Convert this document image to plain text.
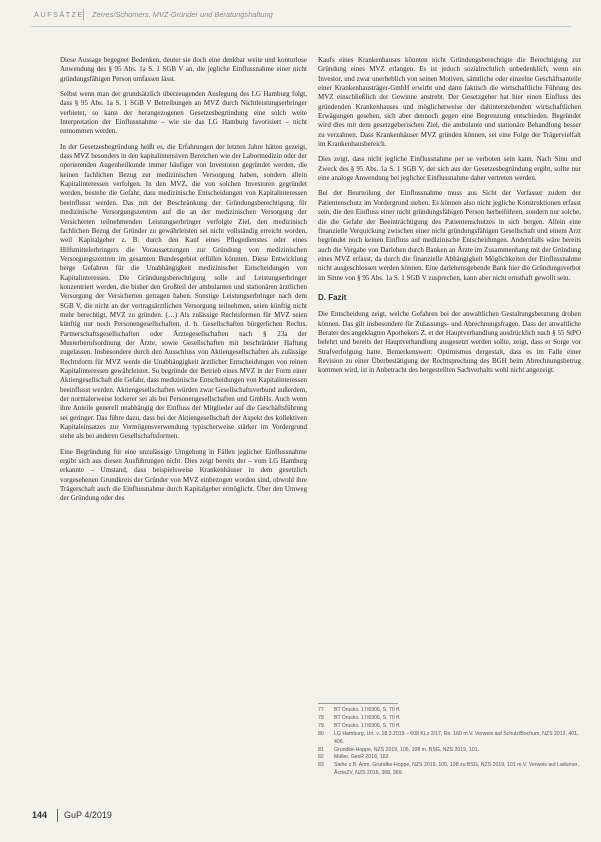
AUFSÄTZE Zerres/Schomers, MVZ-Gründer und Beratungshaftung

Diese Aussage begegnet Bedenken, deuter sie doch eine denkbar weite und konturlose Anwendung des § 95 Abs. 1a S. 1 SGB V an, die jegliche Einflussnahme einer nicht gründungsfähigen Person umfassen lässt.

Selbst wenn man der grundsätzlich überzeugenden Auslegung des LG Hamburg folgt, dass § 95 Abs. 1a S. 1 SGB V Betreibungen an MVZ durch Nichtleistungserbringer verbietet, so kann der herangezogenen Gesetzesbegründung eine solch weite Interpretation der Einflussnahme – wie sie das LG Hamburg favorisiert – nicht entnommen werden.

In der Gesetzesbegründung heißt es, die Erfahrungen der letzten Jahre hätten gezeigt, dass MVZ besonders in den kapitalintensiven Bereichen wie der Labormedizin oder der operierenden Augenheilkunde immer häufiger von Investoren gegründet werden, die keinen fachlichen Bezug zur medizinischen Versorgung haben, sondern allein Kapitalinteressen verfolgen. In den MVZ, die von solchen Investoren gegründet werden, bestehe die Gefahr, dass medizinische Entscheidungen von Kapitalinteressen beeinflusst werden. Das mit der Beschränkung der Gründungsberechtigung für medizinische Versorgungszentren auf die an der medizinischen Versorgung der Versicherten teilnehmenden Leistungserbringer verfolgte Ziel, den medizinisch fachlichen Bezug der Gründer zu gewährleisten sei nicht vollständig erreicht worden, weil Kapitalgeber z. B. durch den Kauf eines Pflegedienstes oder eines Hilfsmittelerbringers die Voraussetzungen zur Gründung von medizinischen Versorgungszentren im gesamten Bundesgebiet erfüllen könnten. Diese Entwicklung berge Gefahren für die Unabhängigkeit medizinischer Entscheidungen von Kapitalinteressen. Die Gründungsberechtigung solle auf Leistungserbringer konzentriert werden, die bisher den Großteil der ambulanten und stationären ärztlichen Versorgung der Versicherten getragen haben. Sonstige Leistungserbringer nach dem SGB V, die nicht an der vertragsärztlichen Versorgung teilnehmen, seien künftig nicht mehr berechtigt, MVZ zu gründen. (…) Als zulässige Rechtsformen für MVZ seien künftig nur noch Personengesellschaften, d. h. Gesellschaften bürgerlichen Rechts, Partnerschaftsgesellschaften oder Ärztegesellschaften nach § 23a der Musterberufsordnung der Ärzte, sowie Gesellschaften mit beschränkter Haftung zugelassen. Insbesondere durch den Ausschluss von Aktiengesellschaften als zulässige Rechtsform für MVZ werde die Unabhängigkeit ärztlicher Entscheidungen von reinen Kapitalinteressen gewährleistet. So begründe der Betrieb eines MVZ in der Form einer Aktiengesellschaft die Gefahr, dass medizinische Entscheidungen von Kapitalinteressen beeinflusst werden. Aktiengesellschaften würden zwar Gesellschaftsverbund außerdem, der normalerweise lockerer sei als bei Personengesellschaften und GmbHs. Auch wenn ihre Anteile generell unabhängig der Einfluss der Mitglieder auf die Geschäftsführung sei geringer. Das führe dazu, dass bei der Aktiengesellschaft der Aspekt des kollektiven Kapitaleinsatzes zur Vermögensverwendung typischerweise stärker im Vordergrund stehe als bei anderen Gesellschaftsformen.

Eine Begründung für eine unzulässige Umgehung in Fällen jeglicher Einflussnahme ergibt sich aus diesen Ausführungen nicht. Dies zeigt bereits der – vom LG Hamburg erkannte – Umstand, dass beispielsweise Krankenhäuser in dem gesetzlich vorgesehenen Grundkreis der Gründer von MVZ einbezogen worden sind, obwohl ihre Trägerschaft auch die Einflussnahme durch Kapitalgeber ermöglicht. Über den Umweg der Gründung oder des

Kaufs eines Krankenhauses könnten nicht Gründungsberechtigte die Berechtigung zur Gründung eines MVZ erlangen. Es ist jedoch sozialrechtlich unbedenklich, wenn ein Investor, und zwar unerheblich von seinen Motiven, sämtliche oder einzelne Geschäftsanteile einer Krankenhausträger-GmbH erwirbt und dann faktisch die wirtschaftliche Führung des MVZ einschließlich der Gewinne anstrebt. Der Gesetzgeber hat hier einen Einfluss des gründenden Krankenhauses und möglicherweise der dahinterstehenden wirtschaftlichen Erwägungen gesehen, sich aber dennoch gegen eine Begrenzung entschieden. Begründet wird dies mit dem gesetzgeberischen Ziel, die ambulante und stationäre Behandlung besser zu verzahnen. Dass Krankenhäuser MVZ gründen können, sei eine Folge der Trägervielfalt im Krankenhausbereich.

Dies zeigt, dass nicht jegliche Einflussnahme per se verboten sein kann. Nach Sinn und Zweck des § 95 Abs. 1a S. 1 SGB V, der sich aus der Gesetzesbegründung ergibt, sollte nur eine analoge Anwendung bei jeglicher Einflussnahme daher vertreten werden.

Bei der Beurteilung der Einflussnahme muss aus Sicht der Verfasser zudem der Patientenschutz im Vordergrund stehen. Es können also nicht jegliche Konstruktionen erfasst sein, die den Einfluss einer nicht gründungsfähigen Person herbeiführen, sondern nur solche, die die Gefahr der Beeinträchtigung des Patientenschutzes in sich bergen. Allein eine finanzielle Verquickung zwischen einer nicht gründungsfähigen Gesellschaft und einem Arzt begründet noch keinen Einfluss auf medizinische Entscheidungen. Andernfalls wäre bereits auch die Vergabe von Darlehen durch Banken an Ärzte im Zusammenhang mit der Gründung eines MVZ erfasst, da durch die finanzielle Abhängigkeit Möglichkeiten der Einflussnahme nicht ausgeschlossen werden können. Eine darlehensgebende Bank hier die Gründungsverbot im Sinne von § 95 Abs. 1a S. 1 SGB V zusprechen, kann aber nicht ernsthaft gewollt sein.

D. Fazit

Die Entscheidung zeigt, welche Gefahren bei der anwaltlichen Gestaltungsberatung drohen können. Das gilt insbesondere für Zulassungs- und Abrechnungsfragen. Dass der anwaltliche Berater des angeklagten Apothekers Z. et der Hauptverhandlung ausdrücklich nach § 55 StPO belehrt und bereits der Hauptverhandlung ausgesetzt werden sollte, zeigt, dass er Sorge vor Strafverfolgung hatte. Bemerkenswert: Optimismus dergestalt, dass es im Falle einer Revision zu einer Überbestätigung der Rechtsprechung des BGH beim Abrechnungsbetrug kommen wird, ist in Anbetracht des hergestellten Sachverhalts wohl nicht angezeigt.

77	BT Drucks. 17/6906, S. 70 ff.
78	BT Drucks. 17/6906, S. 70 ff.
79	BT Drucks. 17/6906, S. 70 ff.
80	LG Hamburg, Urt. v. 18.3.2019 – 608 KLs 2/17, Rn. 160 m.V. Verweis auf Schulz/Bochum, NZS 2012, 401, 406.
81	Grundke-Hoppe, NZS 2019, 105, 108 m. BSG, NZS 2019, 101.
82	Müller, GesR 2018, 182.
83	Siehe z.B. Anm. Grundke-Hoppe, NZS 2019, 105, 108 zu BSG, NZS 2019, 101 m.V. Verweis auf Ladurner, ÄrzteZV, NZS 2016, 368, 369.
144 GuP 4/2019
